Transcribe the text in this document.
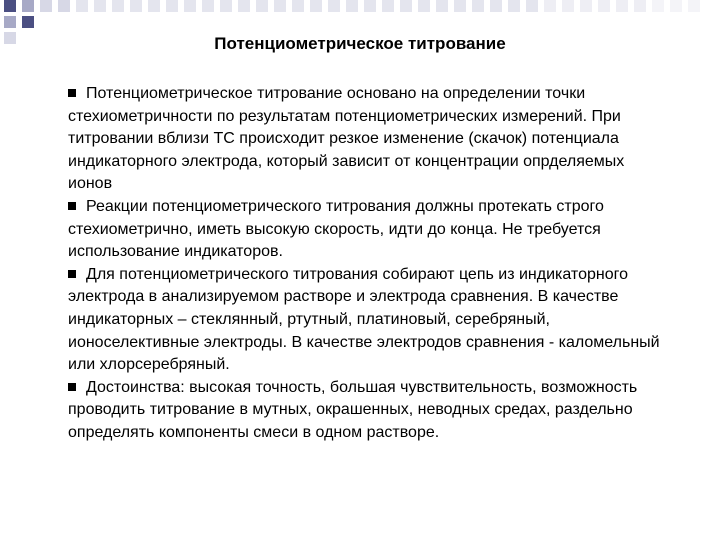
Потенциометрическое титрование

Потенциометрическое титрование основано на определении точки стехиометричности по результатам потенциометрических измерений. При титровании вблизи ТС происходит резкое изменение (скачок) потенциала индикаторного электрода, который зависит от концентрации опрделяемых ионов

Реакции потенциометрического титрования должны протекать строго стехиометрично, иметь высокую скорость, идти до конца. Не требуется использование индикаторов.

Для потенциометрического титрования собирают цепь из индикаторного электрода в анализируемом растворе и электрода сравнения. В качестве индикаторных – стеклянный, ртутный, платиновый, серебряный, ионоселективные электроды. В качестве электродов сравнения - каломельный или хлорсеребряный.

Достоинства: высокая точность, большая чувствительность, возможность проводить титрование в мутных, окрашенных, неводных средах, раздельно определять компоненты смеси в одном растворе.
